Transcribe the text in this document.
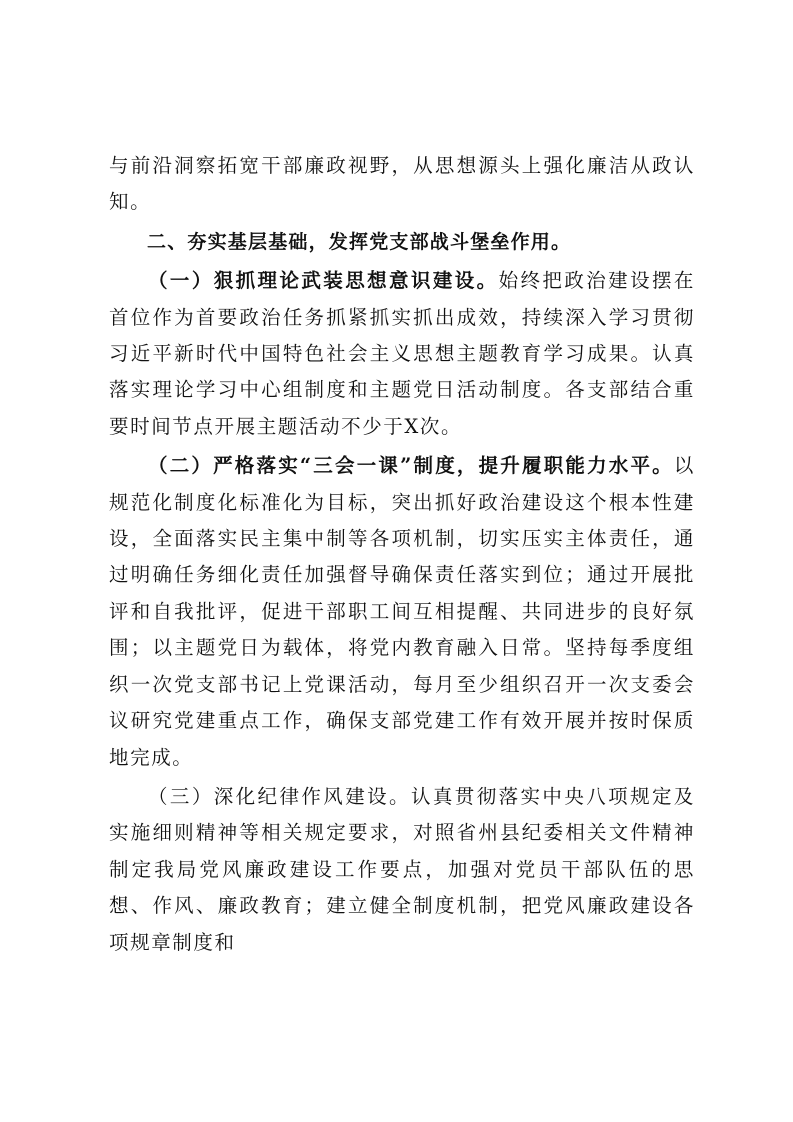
与前沿洞察拓宽干部廉政视野，从思想源头上强化廉洁从政认知。

二、夯实基层基础，发挥党支部战斗堡垒作用。

（一）狠抓理论武装思想意识建设。始终把政治建设摆在首位作为首要政治任务抓紧抓实抓出成效，持续深入学习贯彻习近平新时代中国特色社会主义思想主题教育学习成果。认真落实理论学习中心组制度和主题党日活动制度。各支部结合重要时间节点开展主题活动不少于X次。

（二）严格落实“三会一课”制度，提升履职能力水平。以规范化制度化标准化为目标，突出抓好政治建设这个根本性建设，全面落实民主集中制等各项机制，切实压实主体责任，通过明确任务细化责任加强督导确保责任落实到位；通过开展批评和自我批评，促进干部职工间互相提醒、共同进步的良好氛围；以主题党日为载体，将党内教育融入日常。坚持每季度组织一次党支部书记上党课活动，每月至少组织召开一次支委会议研究党建重点工作，确保支部党建工作有效开展并按时保质地完成。

（三）深化纪律作风建设。认真贯彻落实中央八项规定及实施细则精神等相关规定要求，对照省州县纪委相关文件精神制定我局党风廉政建设工作要点，加强对党员干部队伍的思想、作风、廉政教育；建立健全制度机制，把党风廉政建设各项规章制度和
